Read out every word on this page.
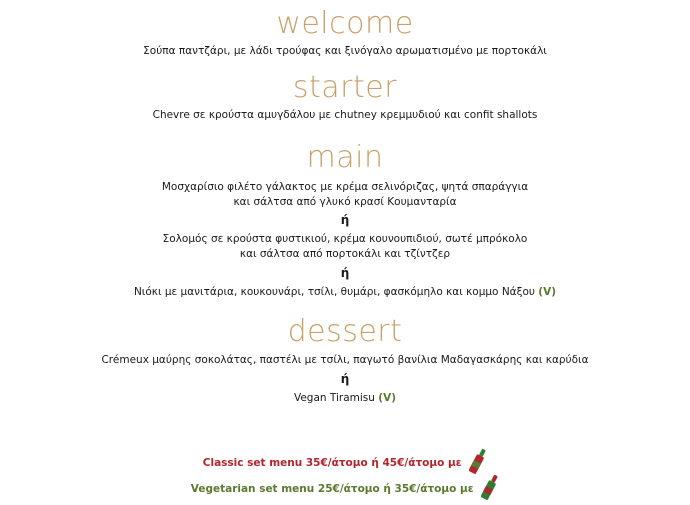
welcome
Σούπα παντζάρι, με λάδι τρούφας και ξινόγαλο αρωματισμένο με πορτοκάλι
starter
Chevre σε κρούστα αμυγδάλου με chutney κρεμμυδιού και confit shallots
main
Μοσχαρίσιο φιλέτο γάλακτος με κρέμα σελινόριζας, ψητά σπαράγγια
και σάλτσα από γλυκό κρασί Κουμανταρία
ή
Σολομός σε κρούστα φυστικιού, κρέμα κουνουπιδιού, σωτέ μπρόκολο
και σάλτσα από πορτοκάλι και τζίντζερ
ή
Νιόκι με μανιτάρια, κουκουνάρι, τσίλι, θυμάρι, φασκόμηλο και κομμο Νάξου (V)
dessert
Crémeux μαύρης σοκολάτας, παστέλι με τσίλι, παγωτό βανίλια Μαδαγασκάρης και καρύδια
ή
Vegan Tiramisu (V)
Classic set menu 35€/άτομο ή 45€/άτομο με
Vegetarian set menu 25€/άτομο ή 35€/άτομο με
